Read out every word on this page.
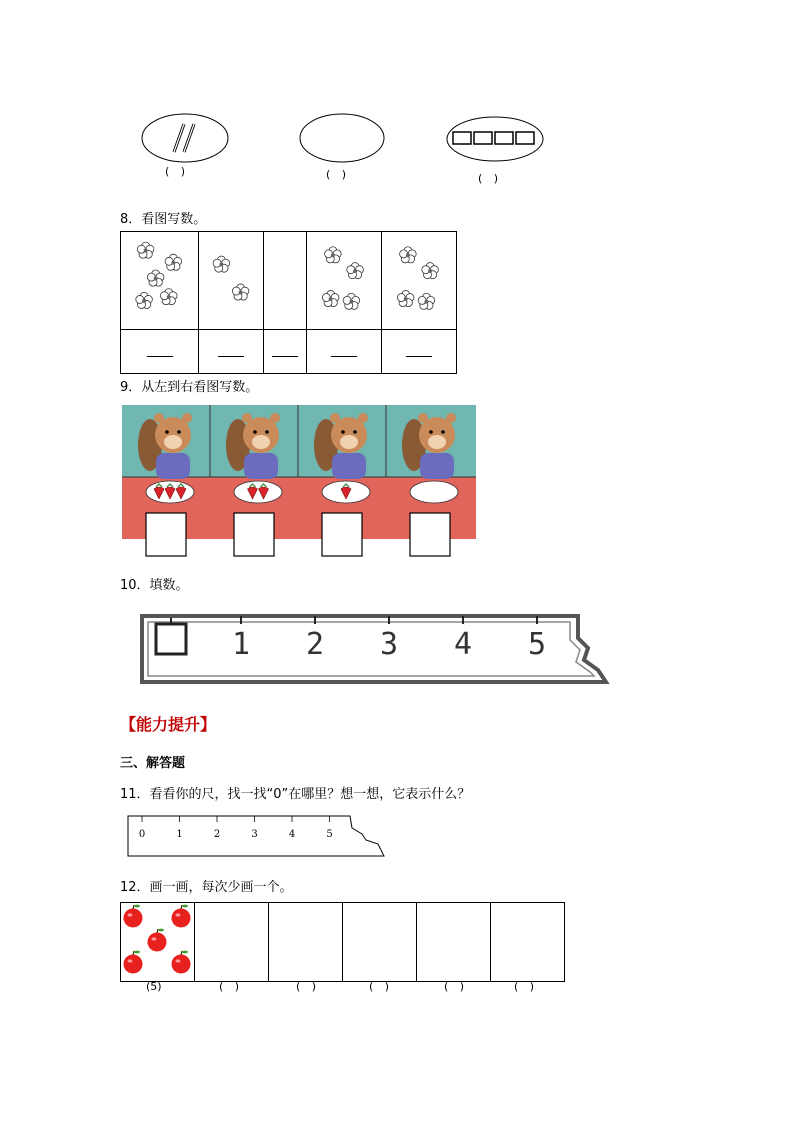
( )	( )	( )
8．看图写数。

9．从左到右看图写数。
10．填数。
1 2 3 4 5
【能力提升】
三、解答题
11．看看你的尺，找一找“0”在哪里？想一想，它表示什么？
0	1	2	3	4	5
12．画一画，每次少画一个。

(5)	( )	( )	( )	( )	( )
